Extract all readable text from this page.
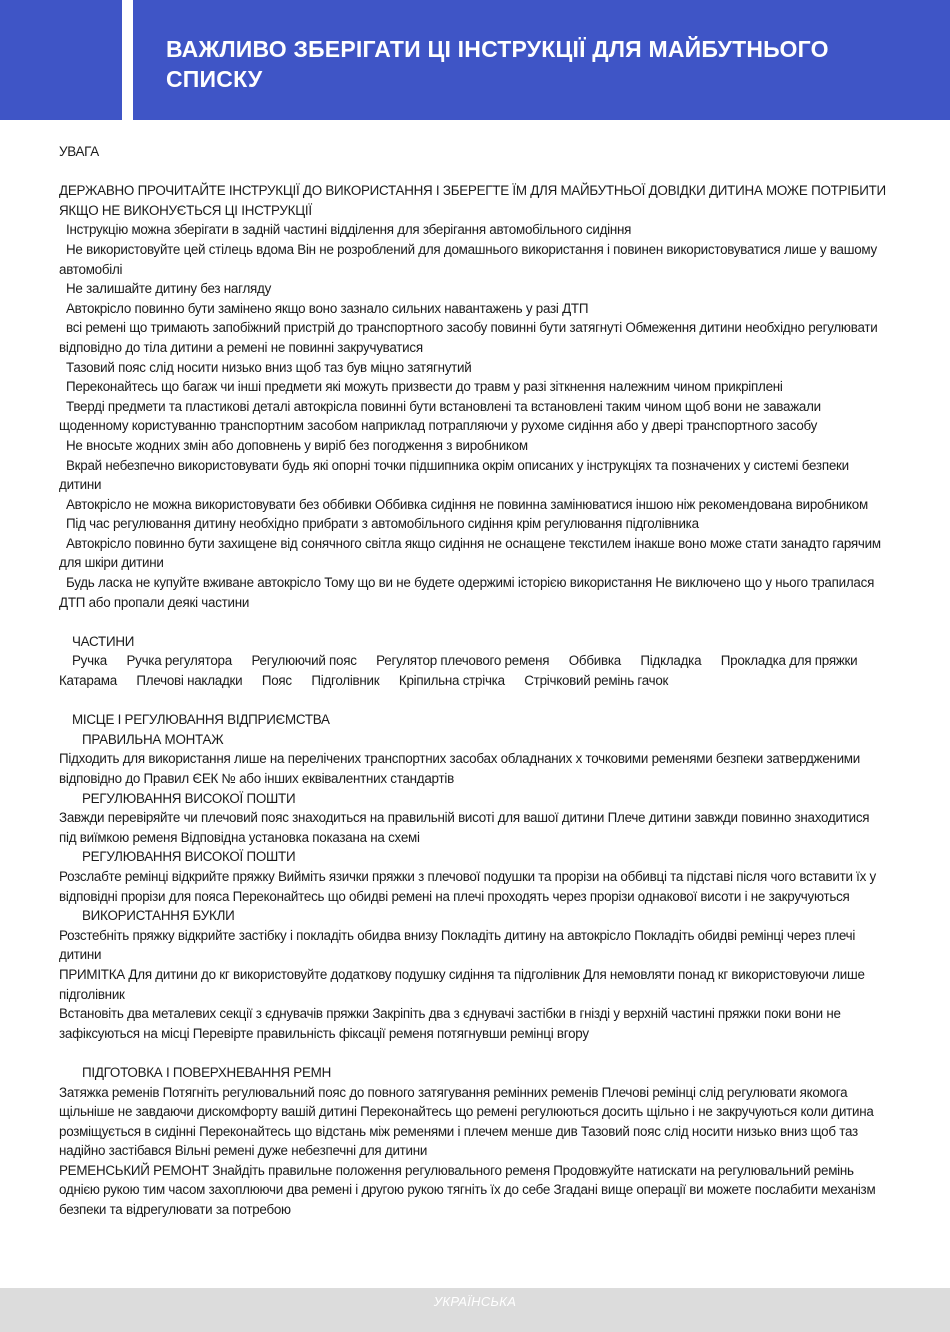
ВАЖЛИВО ЗБЕРІГАТИ ЦІ ІНСТРУКЦІЇ ДЛЯ МАЙБУТНЬОГО СПИСКУ

УВАГА

ДЕРЖАВНО ПРОЧИТАЙТЕ ІНСТРУКЦІЇ ДО ВИКОРИСТАННЯ І ЗБЕРЕГТЕ ЇМ ДЛЯ МАЙБУТНЬОЇ ДОВІДКИ ДИТИНА МОЖЕ ПОТРІБИТИ ЯКЩО НЕ ВИКОНУЄТЬСЯ ЦІ ІНСТРУКЦІЇ

Інструкцію можна зберігати в задній частині відділення для зберігання автомобільного сидіння

Не використовуйте цей стілець вдома Він не розроблений для домашнього використання і повинен використовуватися лише у вашому автомобілі

Не залишайте дитину без нагляду

Автокрісло повинно бути замінено якщо воно зазнало сильних навантажень у разі ДТП

всі ремені що тримають запобіжний пристрій до транспортного засобу повинні бути затягнуті Обмеження дитини необхідно регулювати відповідно до тіла дитини а ремені не повинні закручуватися

Тазовий пояс слід носити низько вниз щоб таз був міцно затягнутий

Переконайтесь що багаж чи інші предмети які можуть призвести до травм у разі зіткнення належним чином прикріплені

Тверді предмети та пластикові деталі автокрісла повинні бути встановлені та встановлені таким чином щоб вони не заважали щоденному користуванню транспортним засобом наприклад потрапляючи у рухоме сидіння або у двері транспортного засобу

Не вносьте жодних змін або доповнень у виріб без погодження з виробником

Вкрай небезпечно використовувати будь які опорні точки підшипника окрім описаних у інструкціях та позначених у системі безпеки дитини

Автокрісло не можна використовувати без оббивки Оббивка сидіння не повинна замінюватися іншою ніж рекомендована виробником

Під час регулювання дитину необхідно прибрати з автомобільного сидіння крім регулювання підголівника

Автокрісло повинно бути захищене від сонячного світла якщо сидіння не оснащене текстилем інакше воно може стати занадто гарячим для шкіри дитини

Будь ласка не купуйте вживане автокрісло Тому що ви не будете одержимі історією використання Не виключено що у нього трапилася ДТП або пропали деякі частини

ЧАСТИНИ

Ручка Ручка регулятора Регулюючий пояс Регулятор плечового ременя Оббивка Підкладка Прокладка для пряжки

Катарама Плечові накладки Пояс Підголівник Кріпильна стрічка Стрічковий ремінь гачок

МІСЦЕ І РЕГУЛЮВАННЯ ВІДПРИЄМСТВА

ПРАВИЛЬНА МОНТАЖ

Підходить для використання лише на перелічених транспортних засобах обладнаних х точковими ременями безпеки затвердженими відповідно до Правил ЄЕК № або інших еквівалентних стандартів

РЕГУЛЮВАННЯ ВИСОКОЇ ПОШТИ

Завжди перевіряйте чи плечовий пояс знаходиться на правильній висоті для вашої дитини Плече дитини завжди повинно знаходитися під виїмкою ременя Відповідна установка показана на схемі

РЕГУЛЮВАННЯ ВИСОКОЇ ПОШТИ

Розслабте ремінці відкрийте пряжку Вийміть язички пряжки з плечової подушки та прорізи на оббивці та підставі після чого вставити їх у відповідні прорізи для пояса Переконайтесь що обидві ремені на плечі проходять через прорізи однакової висоти і не закручуються

ВИКОРИСТАННЯ БУКЛИ

Розстебніть пряжку відкрийте застібку і покладіть обидва внизу Покладіть дитину на автокрісло Покладіть обидві ремінці через плечі дитини

ПРИМІТКА Для дитини до кг використовуйте додаткову подушку сидіння та підголівник Для немовляти понад кг використовуючи лише підголівник

Встановіть два металевих секції з єднувачів пряжки Закріпіть два з єднувачі застібки в гнізді у верхній частині пряжки поки вони не зафіксуються на місці Перевірте правильність фіксації ременя потягнувши ремінці вгору

ПІДГОТОВКА І ПОВЕРХНЕВАННЯ РЕМН

Затяжка ременів Потягніть регулювальний пояс до повного затягування ремінних ременів Плечові ремінці слід регулювати якомога щільніше не завдаючи дискомфорту вашій дитині Переконайтесь що ремені регулюються досить щільно і не закручуються коли дитина розміщується в сидінні Переконайтесь що відстань між ременями і плечем менше див Тазовий пояс слід носити низько вниз щоб таз надійно застібався Вільні ремені дуже небезпечні для дитини

РЕМЕНСЬКИЙ РЕМОНТ Знайдіть правильне положення регулювального ременя Продовжуйте натискати на регулювальний ремінь однією рукою тим часом захоплюючи два ремені і другою рукою тягніть їх до себе Згадані вище операції ви можете послабити механізм безпеки та відрегулювати за потребою

УКРАЇНСЬКА
